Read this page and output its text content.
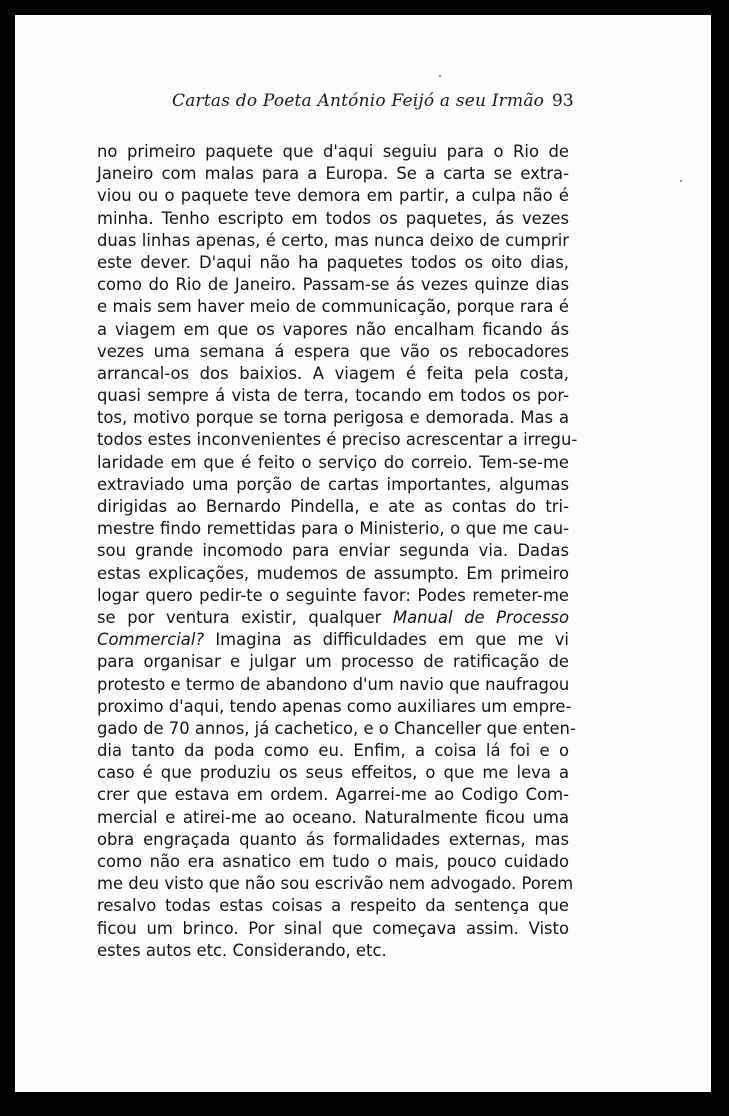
Cartas do Poeta António Feijó a seu Irmão 93
no primeiro paquete que d'aqui seguiu para o Rio de
Janeiro com malas para a Europa. Se a carta se extra-
viou ou o paquete teve demora em partir, a culpa não é
minha. Tenho escripto em todos os paquetes, ás vezes
duas linhas apenas, é certo, mas nunca deixo de cumprir
este dever. D'aqui não ha paquetes todos os oito dias,
como do Rio de Janeiro. Passam-se ás vezes quinze dias
e mais sem haver meio de communicação, porque rara é
a viagem em que os vapores não encalham ficando ás
vezes uma semana á espera que vão os rebocadores
arrancal-os dos baixios. A viagem é feita pela costa,
quasi sempre á vista de terra, tocando em todos os por-
tos, motivo porque se torna perigosa e demorada. Mas a
todos estes inconvenientes é preciso acrescentar a irregu-
laridade em que é feito o serviço do correio. Tem-se-me
extraviado uma porção de cartas importantes, algumas
dirigidas ao Bernardo Pindella, e ate as contas do tri-
mestre findo remettidas para o Ministerio, o que me cau-
sou grande incomodo para enviar segunda via. Dadas
estas explicações, mudemos de assumpto. Em primeiro
logar quero pedir-te o seguinte favor: Podes remeter-me
se por ventura existir, qualquer Manual de Processo
Commercial? Imagina as difficuldades em que me vi
para organisar e julgar um processo de ratificação de
protesto e termo de abandono d'um navio que naufragou
proximo d'aqui, tendo apenas como auxiliares um empre-
gado de 70 annos, já cachetico, e o Chanceller que enten-
dia tanto da poda como eu. Enfim, a coisa lá foi e o
caso é que produziu os seus effeitos, o que me leva a
crer que estava em ordem. Agarrei-me ao Codigo Com-
mercial e atirei-me ao oceano. Naturalmente ficou uma
obra engraçada quanto ás formalidades externas, mas
como não era asnatico em tudo o mais, pouco cuidado
me deu visto que não sou escrivão nem advogado. Porem
resalvo todas estas coisas a respeito da sentença que
ficou um brinco. Por sinal que começava assim. Visto
estes autos etc. Considerando, etc.
